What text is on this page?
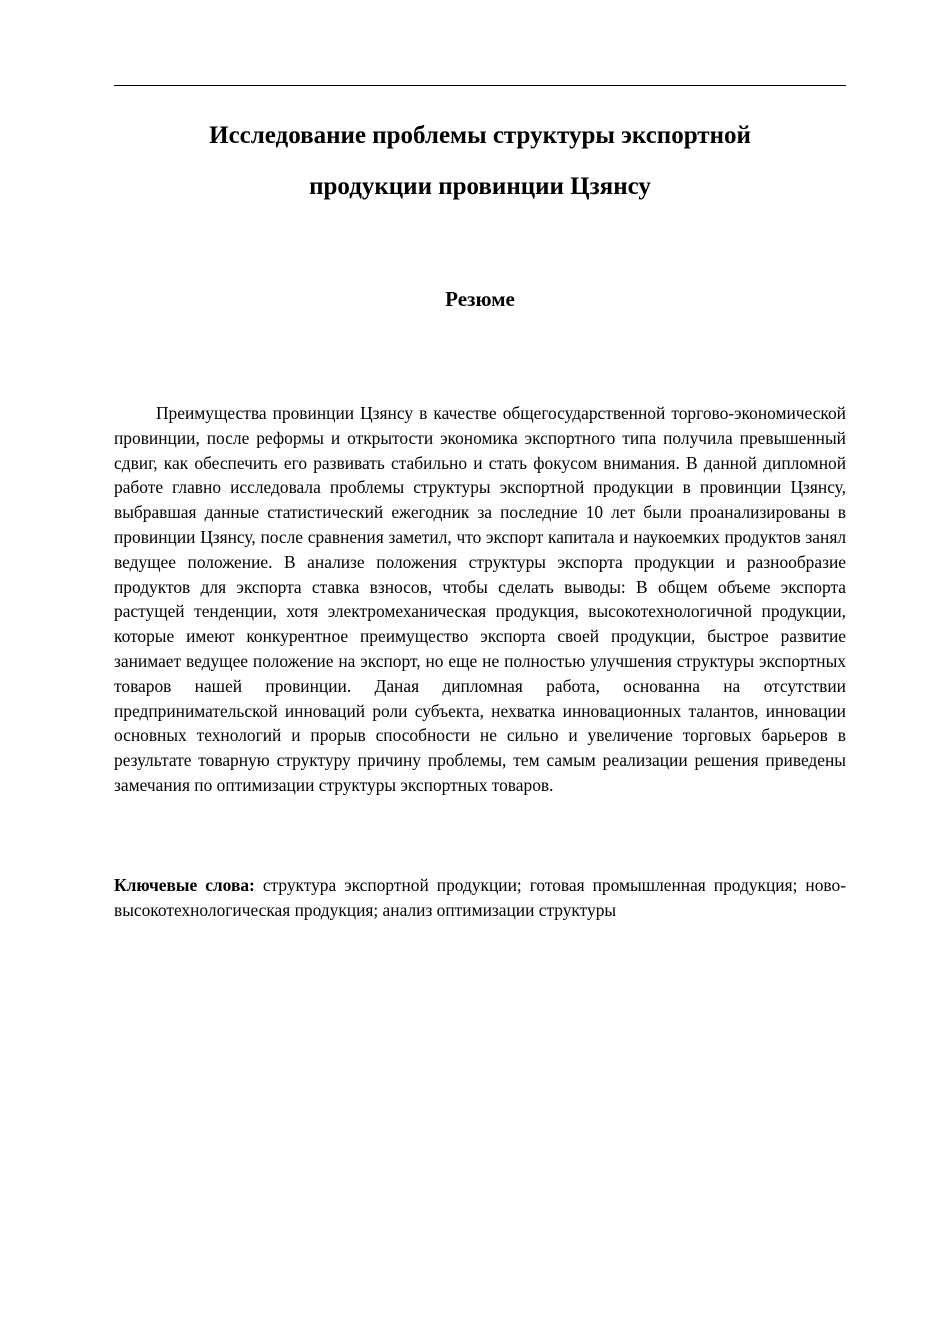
Исследование проблемы структуры экспортной
продукции провинции Цзянсу
Резюме

Преимущества провинции Цзянсу в качестве общегосударственной торгово-экономической провинции, после реформы и открытости экономика экспортного типа получила превышенный сдвиг, как обеспечить его развивать стабильно и стать фокусом внимания. В данной дипломной работе главно исследовала проблемы структуры экспортной продукции в провинции Цзянсу, выбравшая данные статистический ежегодник за последние 10 лет были проанализированы в провинции Цзянсу, после сравнения заметил, что экспорт капитала и наукоемких продуктов занял ведущее положение. В анализе положения структуры экспорта продукции и разнообразие продуктов для экспорта ставка взносов, чтобы сделать выводы: В общем объеме экспорта растущей тенденции, хотя электромеханическая продукция, высокотехнологичной продукции, которые имеют конкурентное преимущество экспорта своей продукции, быстрое развитие занимает ведущее положение на экспорт, но еще не полностью улучшения структуры экспортных товаров нашей провинции. Даная дипломная работа, основанна на отсутствии предпринимательской инноваций роли субъекта, нехватка инновационных талантов, инновации основных технологий и прорыв способности не сильно и увеличение торговых барьеров в результате товарную структуру причину проблемы, тем самым реализации решения приведены замечания по оптимизации структуры экспортных товаров.

Ключевые слова: структура экспортной продукции; готовая промышленная продукция; ново-высокотехнологическая продукция; анализ оптимизации структуры
